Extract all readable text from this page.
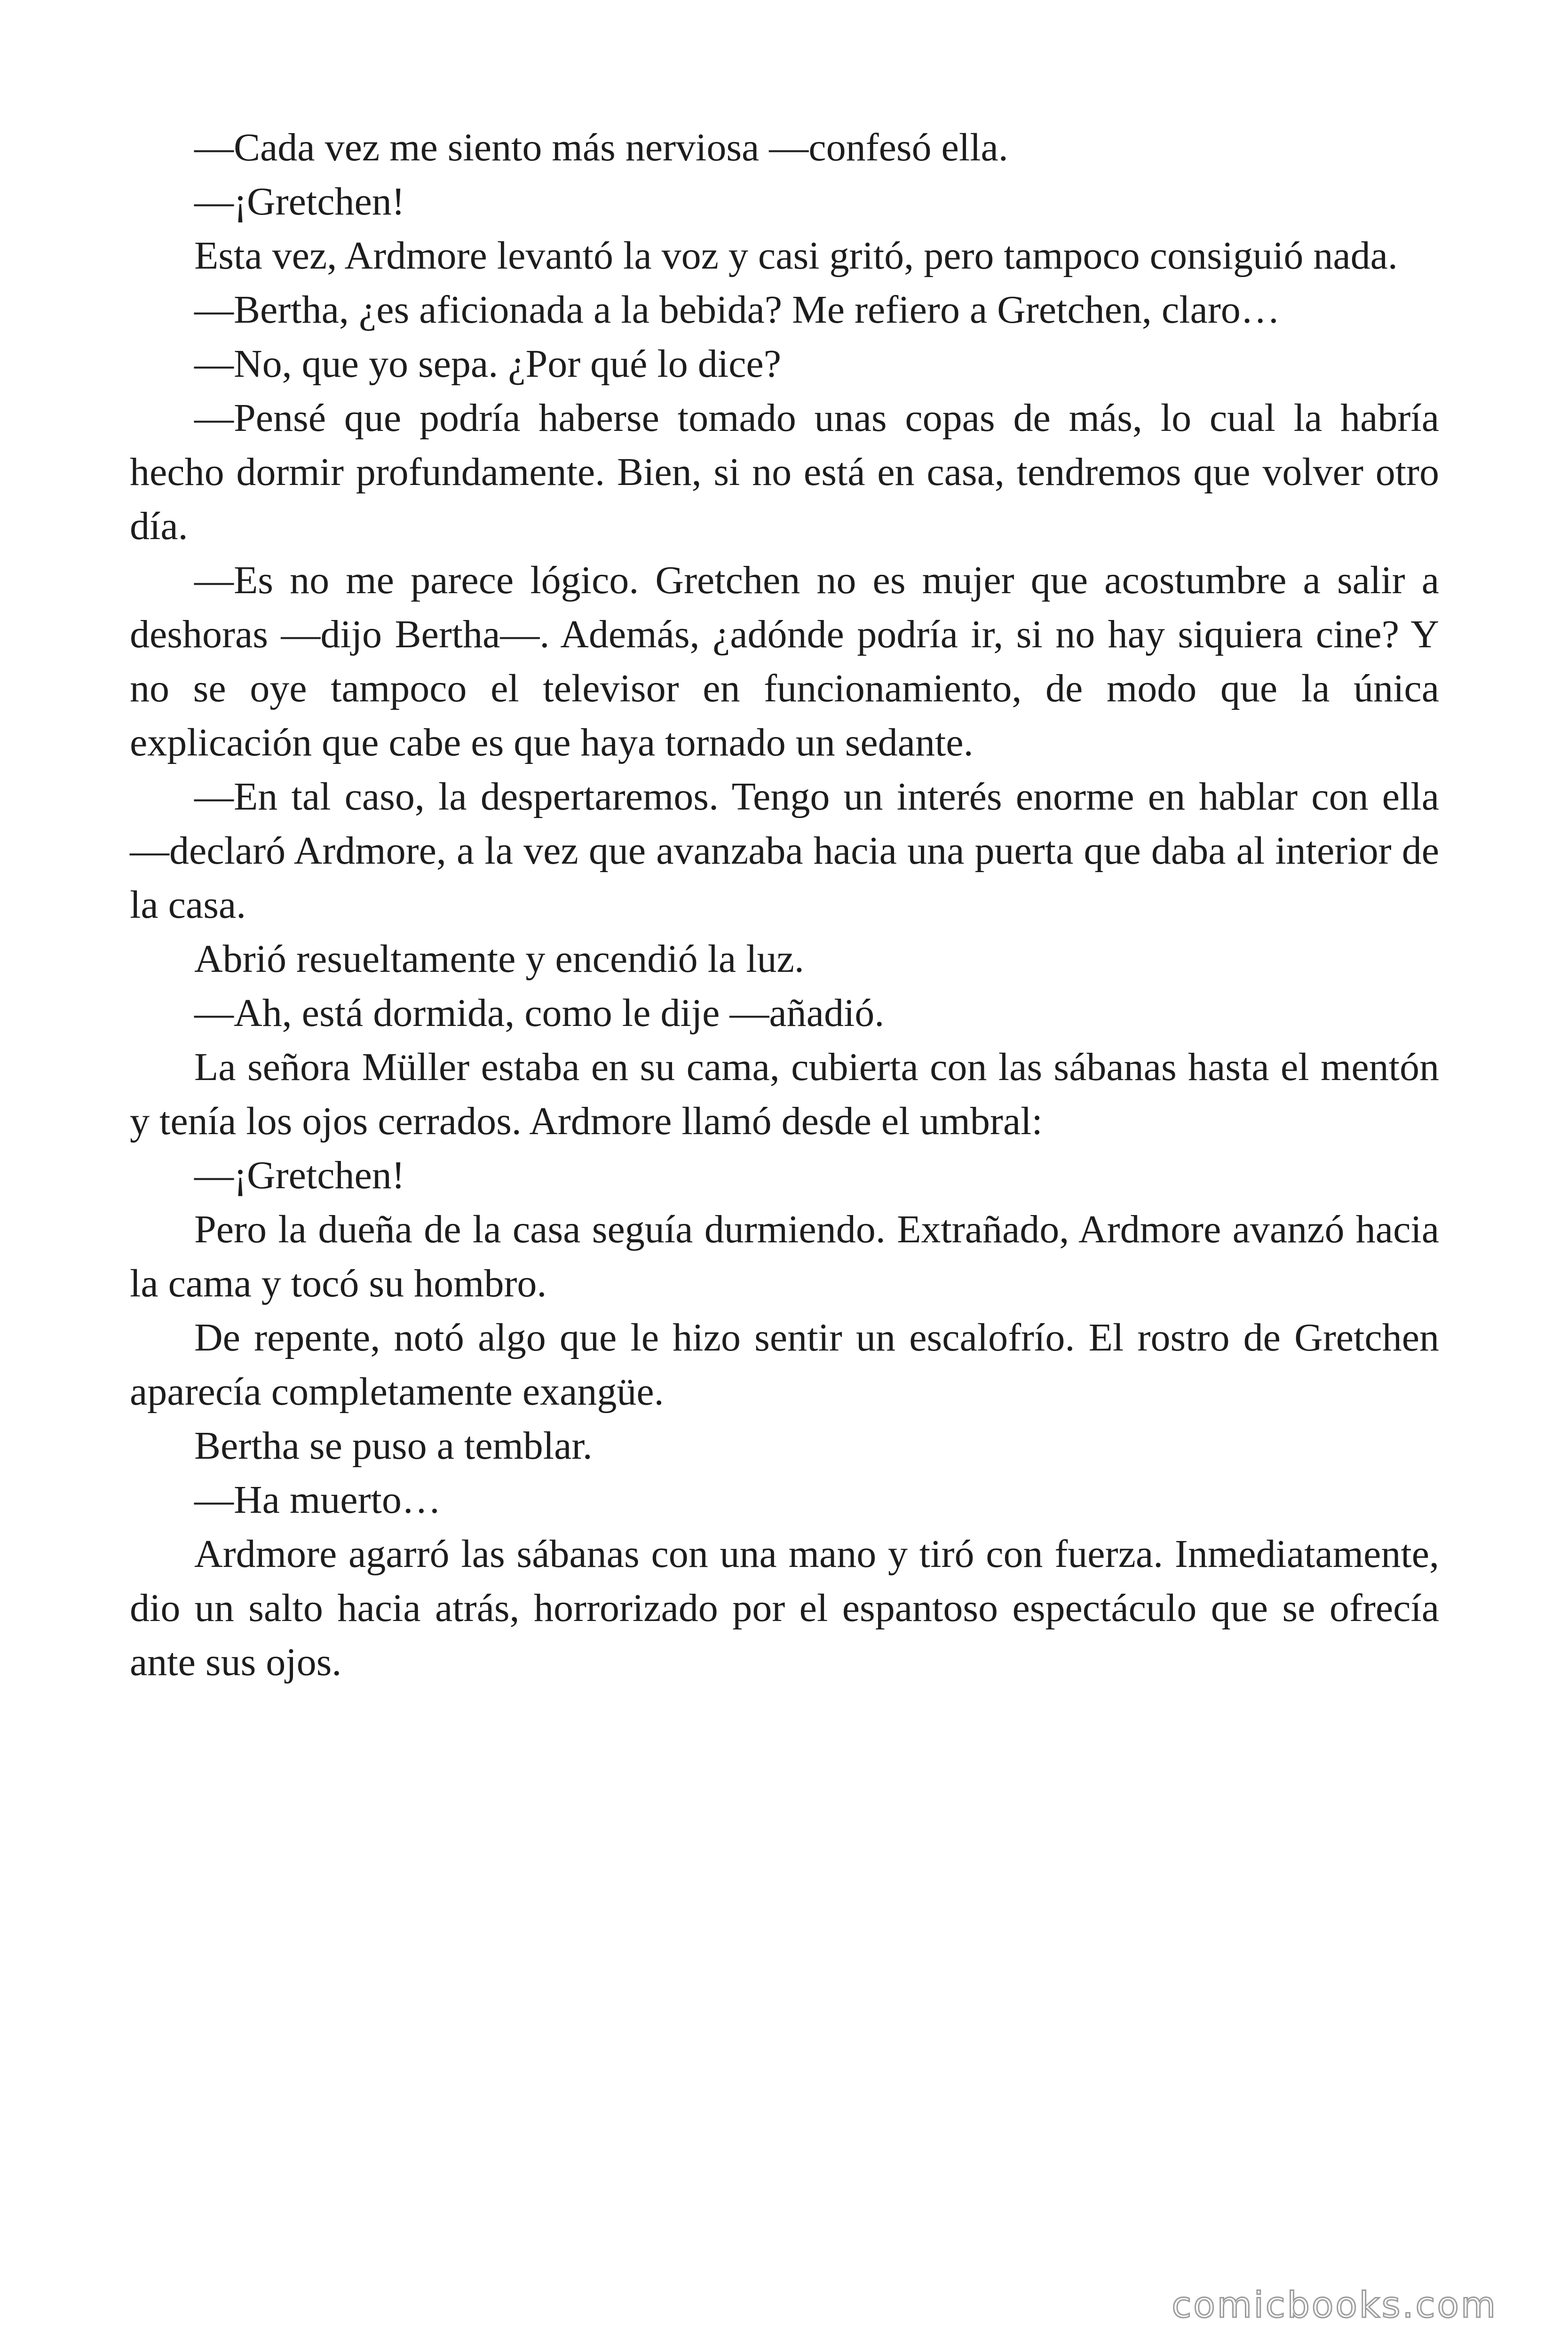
—Cada vez me siento más nerviosa —confesó ella.

—¡Gretchen!

Esta vez, Ardmore levantó la voz y casi gritó, pero tampoco consiguió nada.

—Bertha, ¿es aficionada a la bebida? Me refiero a Gretchen, claro…

—No, que yo sepa. ¿Por qué lo dice?

—Pensé que podría haberse tomado unas copas de más, lo cual la habría hecho dormir profundamente. Bien, si no está en casa, tendremos que volver otro día.

—Es no me parece lógico. Gretchen no es mujer que acostumbre a salir a deshoras —dijo Bertha—. Además, ¿adónde podría ir, si no hay siquiera cine? Y no se oye tampoco el televisor en funcionamiento, de modo que la única explicación que cabe es que haya tornado un sedante.

—En tal caso, la despertaremos. Tengo un interés enorme en hablar con ella —declaró Ardmore, a la vez que avanzaba hacia una puerta que daba al interior de la casa.

Abrió resueltamente y encendió la luz.

—Ah, está dormida, como le dije —añadió.

La señora Müller estaba en su cama, cubierta con las sábanas hasta el mentón y tenía los ojos cerrados. Ardmore llamó desde el umbral:

—¡Gretchen!

Pero la dueña de la casa seguía durmiendo. Extrañado, Ardmore avanzó hacia la cama y tocó su hombro.

De repente, notó algo que le hizo sentir un escalofrío. El rostro de Gretchen aparecía completamente exangüe.

Bertha se puso a temblar.

—Ha muerto…

Ardmore agarró las sábanas con una mano y tiró con fuerza. Inmediatamente, dio un salto hacia atrás, horrorizado por el espantoso espectáculo que se ofrecía ante sus ojos.

comicbooks.com
